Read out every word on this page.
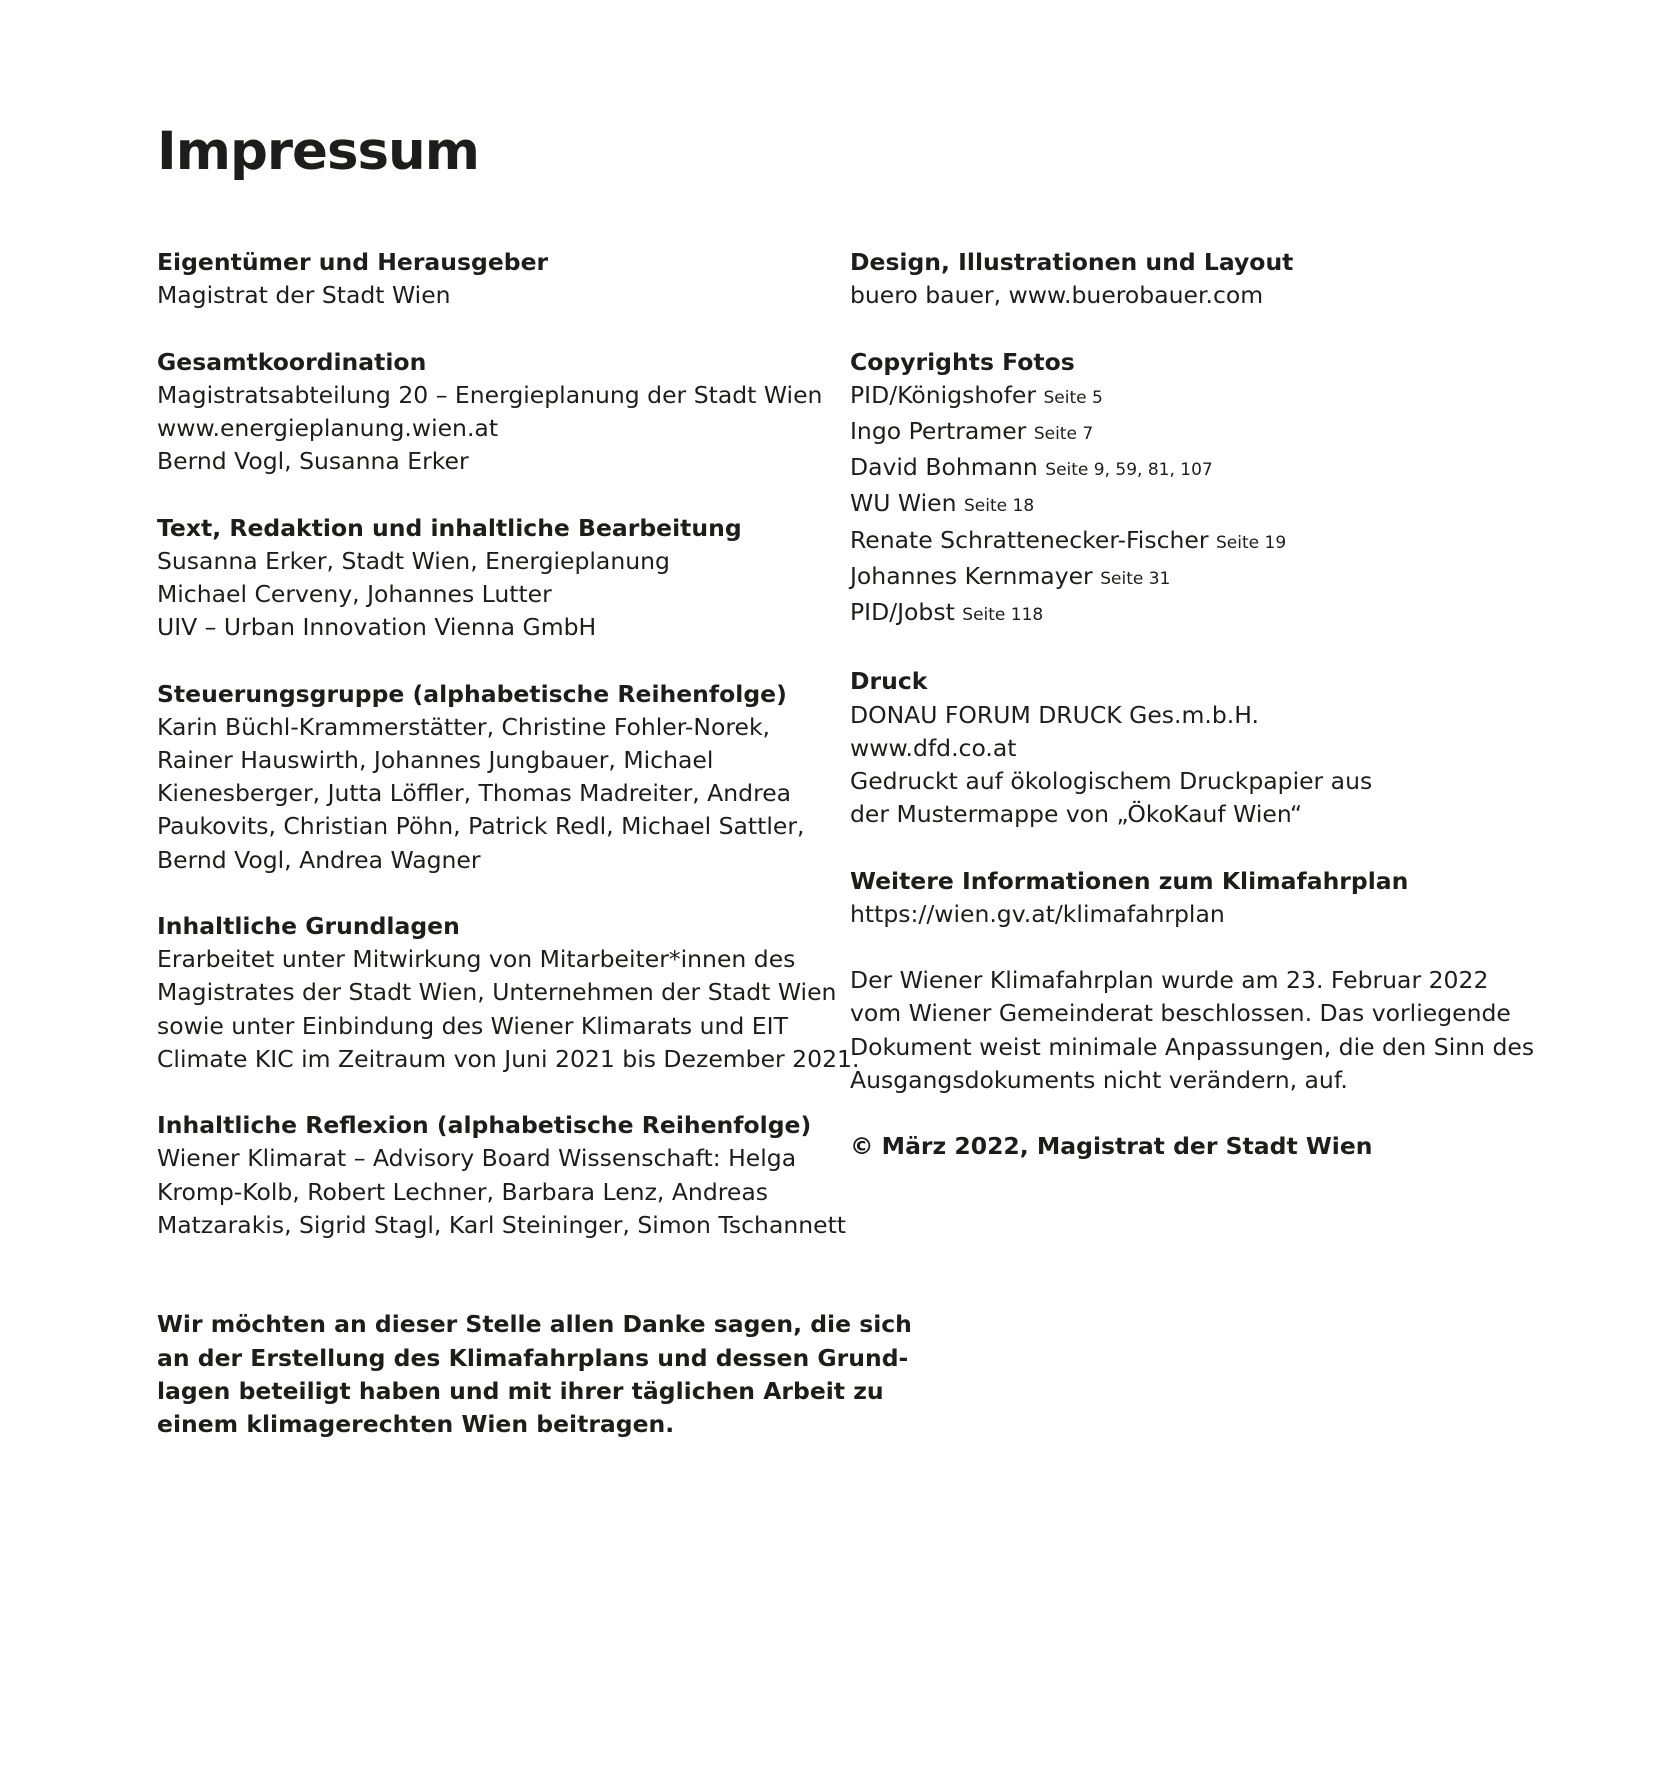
Impressum
Eigentümer und Herausgeber
Magistrat der Stadt Wien
Gesamtkoordination
Magistratsabteilung 20 – Energieplanung der Stadt Wien
www.energieplanung.wien.at
Bernd Vogl, Susanna Erker
Text, Redaktion und inhaltliche Bearbeitung
Susanna Erker, Stadt Wien, Energieplanung
Michael Cerveny, Johannes Lutter
UIV – Urban Innovation Vienna GmbH
Steuerungsgruppe (alphabetische Reihenfolge)
Karin Büchl-Krammerstätter, Christine Fohler-Norek,
Rainer Hauswirth, Johannes Jungbauer, Michael
Kienesberger, Jutta Löffler, Thomas Madreiter, Andrea
Paukovits, Christian Pöhn, Patrick Redl, Michael Sattler,
Bernd Vogl, Andrea Wagner
Inhaltliche Grundlagen
Erarbeitet unter Mitwirkung von Mitarbeiter*innen des
Magistrates der Stadt Wien, Unternehmen der Stadt Wien
sowie unter Einbindung des Wiener Klimarats und EIT
Climate KIC im Zeitraum von Juni 2021 bis Dezember 2021.
Inhaltliche Reflexion (alphabetische Reihenfolge)
Wiener Klimarat – Advisory Board Wissenschaft: Helga
Kromp-Kolb, Robert Lechner, Barbara Lenz, Andreas
Matzarakis, Sigrid Stagl, Karl Steininger, Simon Tschannett
Wir möchten an dieser Stelle allen Danke sagen, die sich
an der Erstellung des Klimafahrplans und dessen Grund-
lagen beteiligt haben und mit ihrer täglichen Arbeit zu
einem klimagerechten Wien beitragen.
Design, Illustrationen und Layout
buero bauer, www.buerobauer.com
Copyrights Fotos
PID/Königshofer Seite 5
Ingo Pertramer Seite 7
David Bohmann Seite 9, 59, 81, 107
WU Wien Seite 18
Renate Schrattenecker-Fischer Seite 19
Johannes Kernmayer Seite 31
PID/Jobst Seite 118
Druck
DONAU FORUM DRUCK Ges.m.b.H.
www.dfd.co.at
Gedruckt auf ökologischem Druckpapier aus
der Mustermappe von „ÖkoKauf Wien“
Weitere Informationen zum Klimafahrplan
https://wien.gv.at/klimafahrplan
Der Wiener Klimafahrplan wurde am 23. Februar 2022
vom Wiener Gemeinderat beschlossen. Das vorliegende
Dokument weist minimale Anpassungen, die den Sinn des
Ausgangsdokuments nicht verändern, auf.
© März 2022, Magistrat der Stadt Wien
